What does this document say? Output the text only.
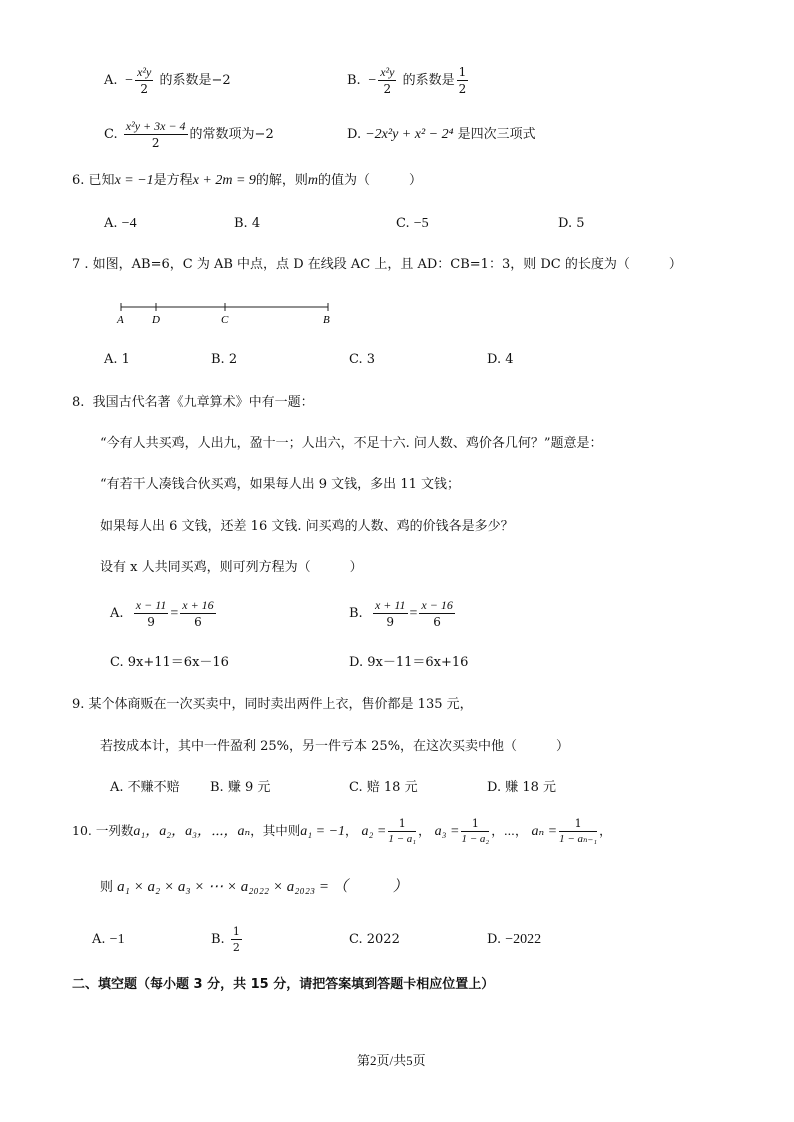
A.  − $\frac{\text{x²y}}{2}$ 的系数是−2	B.  − $\frac{\text{x²y}}{2}$ 的系数是 $\frac{1}{2}$
C. $\frac{\text{x²y + 3x − 4}}{2}$ 的常数项为−2	D. −2x²y + x² − 2⁴ 是四次三项式
6. 已知x = −1是方程x + 2m = 9的解，则m的值为（　　　）
A. −4	B. 4	C. −5	D. 5
7 . 如图，AB=6，C 为 AB 中点，点 D 在线段 AC 上，且 AD：CB=1：3，则 DC 的长度为（　　　）
A	D	C	B
A. 1	B. 2	C. 3	D. 4
8. 我国古代名著《九章算术》中有一题：
“今有人共买鸡，人出九，盈十一；人出六，不足十六. 问人数、鸡价各几何？”题意是：
“有若干人凑钱合伙买鸡，如果每人出 9 文钱，多出 11 文钱；
如果每人出 6 文钱，还差 16 文钱. 问买鸡的人数、鸡的价钱各是多少？
设有 x 人共同买鸡，则可列方程为（　　　）
A. $\frac{x - 11}{9} = \frac{x + 16}{6}$	B. $\frac{x + 11}{9} = \frac{x - 16}{6}$
C. 9x+11＝6x－16	D. 9x－11＝6x+16
9. 某个体商贩在一次买卖中，同时卖出两件上衣，售价都是 135 元，
若按成本计，其中一件盈利 25%，另一件亏本 25%，在这次买卖中他（　　　）
A. 不赚不赔 B. 赚 9 元	C. 赔 18 元	D. 赚 18 元
10. 一列数a₁，a₂，a₃，⋯，aₙ，其中则a₁ = −1， $a_2 = \frac{1}{\text{1 − a₁}}$ ， $a_3 = \frac{1}{\text{1 − a₂}}$ ，⋯， $a_n = \frac{1}{\text{1 − aₙ₋₁}}$ ，
则 a₁ × a₂ × a₃ × ⋯ × a₂₀₂₂ × a₂₀₂₃ = （　　　）
A. −1	B. $\frac{1}{2}$	C. 2022	D. −2022
二、填空题（每小题 3 分，共 15 分，请把答案填到答题卡相应位置上）
第2页/共5页
